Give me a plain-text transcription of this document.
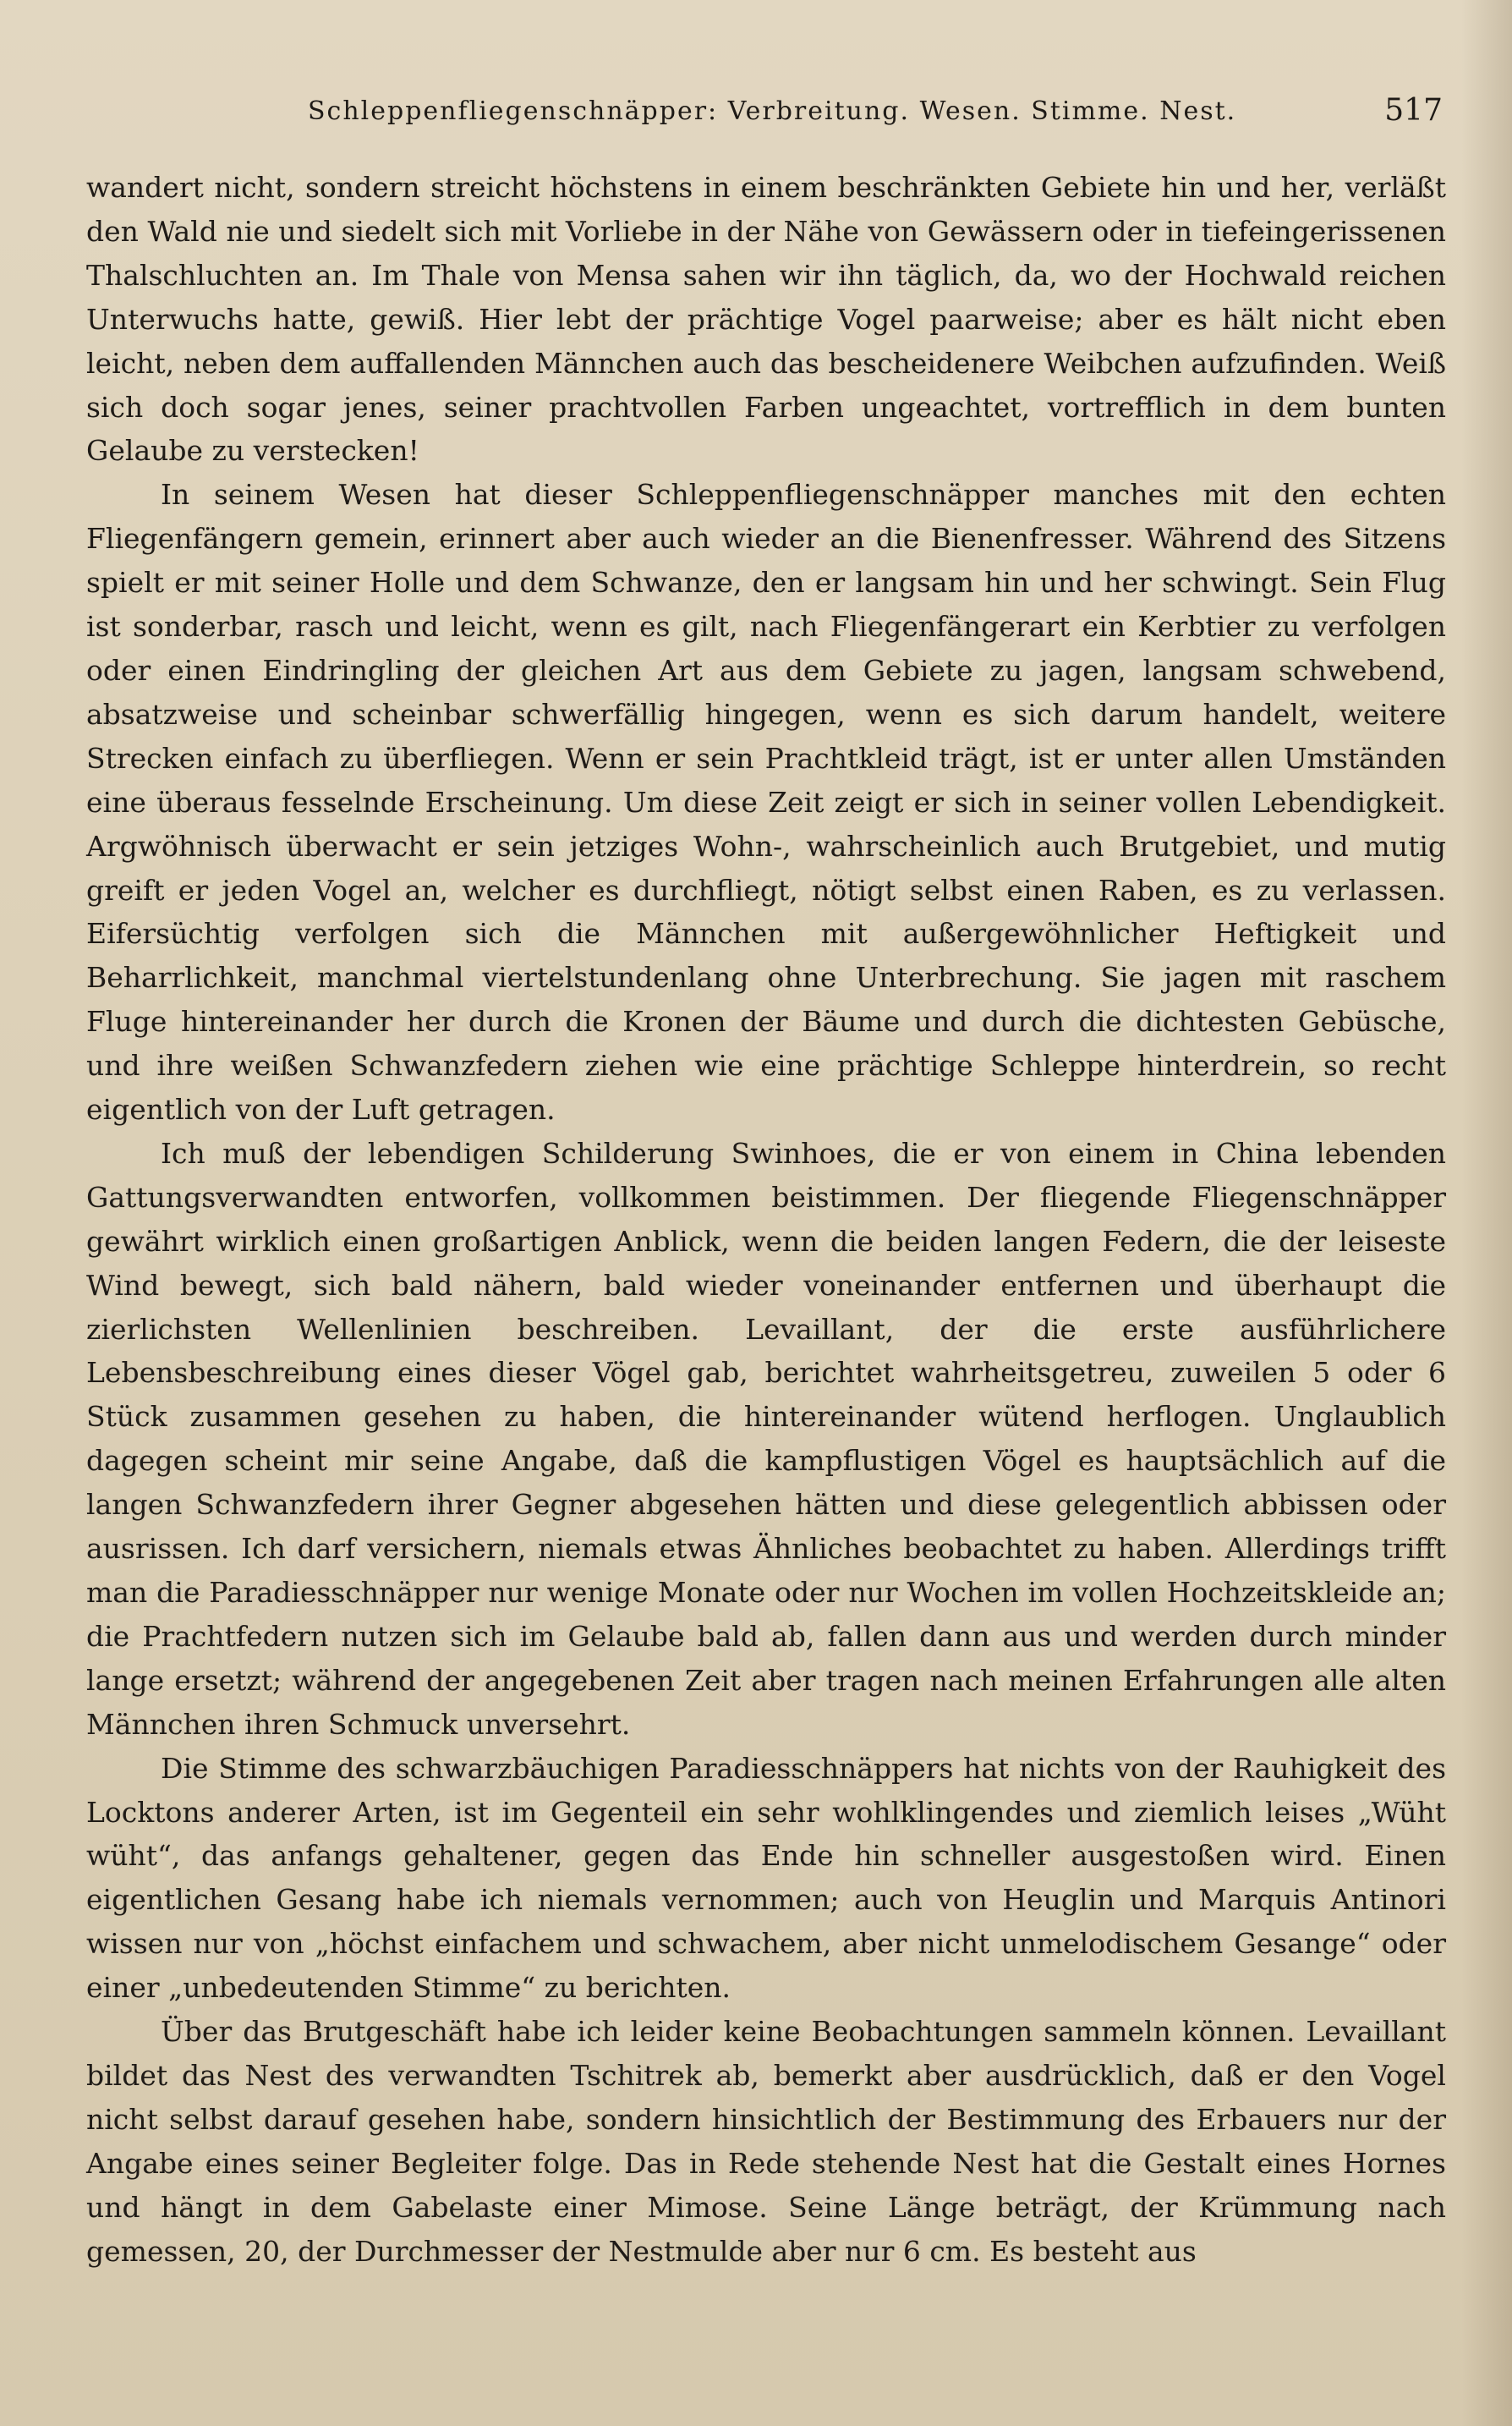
Schleppenfliegenschnäpper: Verbreitung. Wesen. Stimme. Nest.	517

wandert nicht, sondern streicht höchstens in einem beschränkten Gebiete hin und her, verläßt den Wald nie und siedelt sich mit Vorliebe in der Nähe von Gewässern oder in tiefeingerissenen Thalschluchten an. Im Thale von Mensa sahen wir ihn täglich, da, wo der Hochwald reichen Unterwuchs hatte, gewiß. Hier lebt der prächtige Vogel paarweise; aber es hält nicht eben leicht, neben dem auffallenden Männchen auch das bescheidenere Weibchen aufzufinden. Weiß sich doch sogar jenes, seiner prachtvollen Farben ungeachtet, vortrefflich in dem bunten Gelaube zu verstecken!

In seinem Wesen hat dieser Schleppenfliegenschnäpper manches mit den echten Fliegenfängern gemein, erinnert aber auch wieder an die Bienenfresser. Während des Sitzens spielt er mit seiner Holle und dem Schwanze, den er langsam hin und her schwingt. Sein Flug ist sonderbar, rasch und leicht, wenn es gilt, nach Fliegenfängerart ein Kerbtier zu verfolgen oder einen Eindringling der gleichen Art aus dem Gebiete zu jagen, langsam schwebend, absatzweise und scheinbar schwerfällig hingegen, wenn es sich darum handelt, weitere Strecken einfach zu überfliegen. Wenn er sein Prachtkleid trägt, ist er unter allen Umständen eine überaus fesselnde Erscheinung. Um diese Zeit zeigt er sich in seiner vollen Lebendigkeit. Argwöhnisch überwacht er sein jetziges Wohn-, wahrscheinlich auch Brutgebiet, und mutig greift er jeden Vogel an, welcher es durchfliegt, nötigt selbst einen Raben, es zu verlassen. Eifersüchtig verfolgen sich die Männchen mit außergewöhnlicher Heftigkeit und Beharrlichkeit, manchmal viertelstundenlang ohne Unterbrechung. Sie jagen mit raschem Fluge hintereinander her durch die Kronen der Bäume und durch die dichtesten Gebüsche, und ihre weißen Schwanzfedern ziehen wie eine prächtige Schleppe hinterdrein, so recht eigentlich von der Luft getragen.

Ich muß der lebendigen Schilderung Swinhoes, die er von einem in China lebenden Gattungsverwandten entworfen, vollkommen beistimmen. Der fliegende Fliegenschnäpper gewährt wirklich einen großartigen Anblick, wenn die beiden langen Federn, die der leiseste Wind bewegt, sich bald nähern, bald wieder voneinander entfernen und überhaupt die zierlichsten Wellenlinien beschreiben. Levaillant, der die erste ausführlichere Lebensbeschreibung eines dieser Vögel gab, berichtet wahrheitsgetreu, zuweilen 5 oder 6 Stück zusammen gesehen zu haben, die hintereinander wütend herflogen. Unglaublich dagegen scheint mir seine Angabe, daß die kampflustigen Vögel es hauptsächlich auf die langen Schwanzfedern ihrer Gegner abgesehen hätten und diese gelegentlich abbissen oder ausrissen. Ich darf versichern, niemals etwas Ähnliches beobachtet zu haben. Allerdings trifft man die Paradiesschnäpper nur wenige Monate oder nur Wochen im vollen Hochzeitskleide an; die Prachtfedern nutzen sich im Gelaube bald ab, fallen dann aus und werden durch minder lange ersetzt; während der angegebenen Zeit aber tragen nach meinen Erfahrungen alle alten Männchen ihren Schmuck unversehrt.

Die Stimme des schwarzbäuchigen Paradiesschnäppers hat nichts von der Rauhigkeit des Locktons anderer Arten, ist im Gegenteil ein sehr wohlklingendes und ziemlich leises „Wüht wüht“, das anfangs gehaltener, gegen das Ende hin schneller ausgestoßen wird. Einen eigentlichen Gesang habe ich niemals vernommen; auch von Heuglin und Marquis Antinori wissen nur von „höchst einfachem und schwachem, aber nicht unmelodischem Gesange“ oder einer „unbedeutenden Stimme“ zu berichten.

Über das Brutgeschäft habe ich leider keine Beobachtungen sammeln können. Levaillant bildet das Nest des verwandten Tschitrek ab, bemerkt aber ausdrücklich, daß er den Vogel nicht selbst darauf gesehen habe, sondern hinsichtlich der Bestimmung des Erbauers nur der Angabe eines seiner Begleiter folge. Das in Rede stehende Nest hat die Gestalt eines Hornes und hängt in dem Gabelaste einer Mimose. Seine Länge beträgt, der Krümmung nach gemessen, 20, der Durchmesser der Nestmulde aber nur 6 cm. Es besteht aus
